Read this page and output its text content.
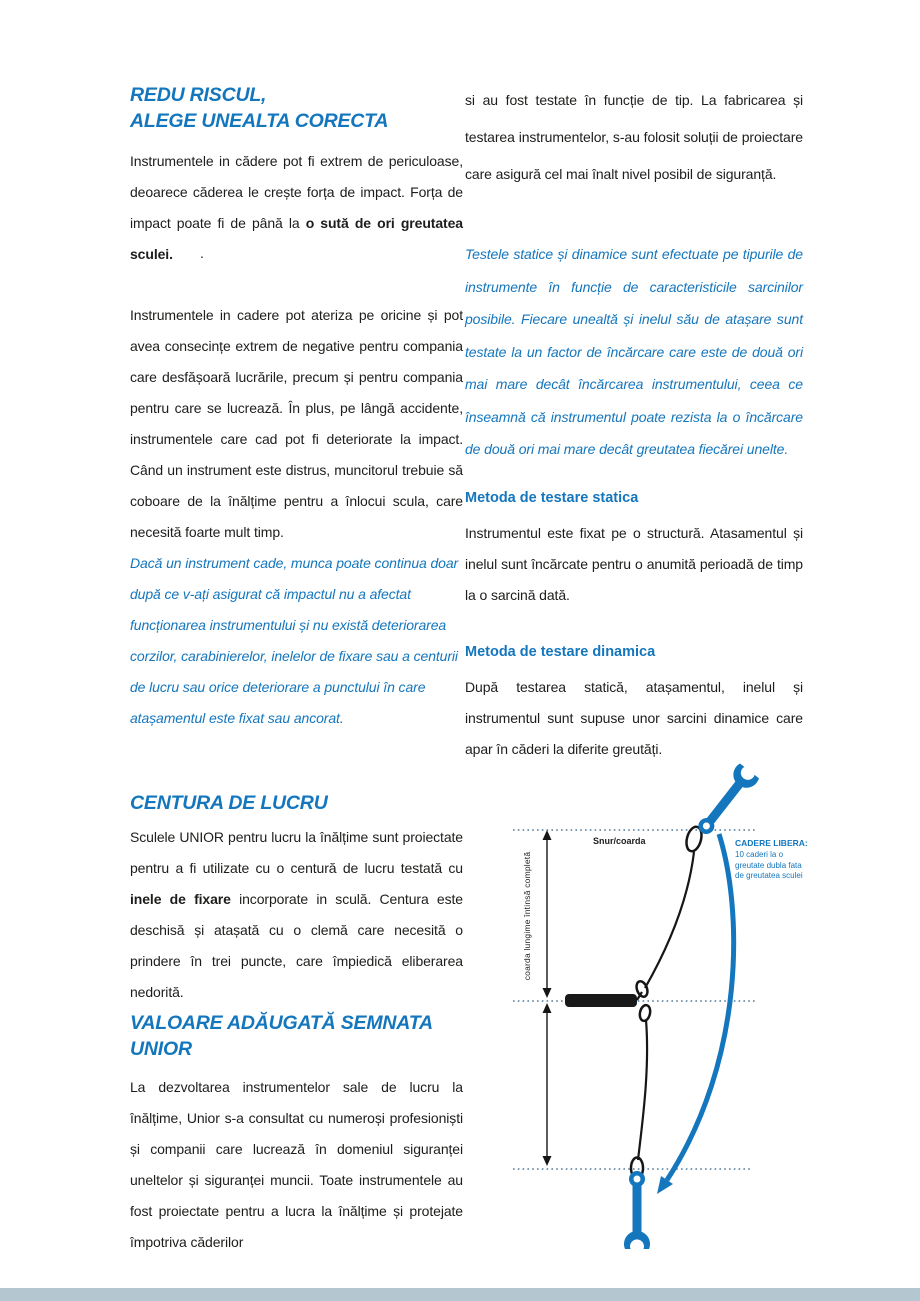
REDU RISCUL,
ALEGE UNEALTA CORECTA
Instrumentele in cădere pot fi extrem de periculoase, deoarece căderea le crește forța de impact. Forța de impact poate fi de până la o sută de ori greutatea sculei.	.
Instrumentele in cadere pot ateriza pe oricine și pot avea consecințe extrem de negative pentru compania care desfășoară lucrările, precum și pentru compania pentru care se lucrează. În plus, pe lângă accidente, instrumentele care cad pot fi deteriorate la impact. Când un instrument este distrus, muncitorul trebuie să coboare de la înălțime pentru a înlocui scula, care necesită foarte mult timp.
Dacă un instrument cade, munca poate continua doar după ce v-ați asigurat că impactul nu a afectat funcționarea instrumentului și nu există deteriorarea corzilor, carabinierelor, inelelor de fixare sau a centurii de lucru sau orice deteriorare a punctului în care atașamentul este fixat sau ancorat.
CENTURA DE LUCRU
Sculele UNIOR pentru lucru la înălțime sunt proiectate pentru a fi utilizate cu o centură de lucru testată cu inele de fixare incorporate in sculă. Centura este deschisă și atașată cu o clemă care necesită o prindere în trei puncte, care împiedică eliberarea nedorită.
VALOARE ADĂUGATĂ SEMNATA
UNIOR
La dezvoltarea instrumentelor sale de lucru la înălțime, Unior s-a consultat cu numeroși profesioniști și companii care lucrează în domeniul siguranței uneltelor și siguranței muncii. Toate instrumentele au fost proiectate pentru a lucra la înălțime și protejate împotriva căderilor
si au fost testate în funcție de tip. La fabricarea și testarea instrumentelor, s-au folosit soluții de proiectare care asigură cel mai înalt nivel posibil de siguranță.
Testele statice și dinamice sunt efectuate pe tipurile de instrumente în funcție de caracteristicile sarcinilor posibile. Fiecare unealtă și inelul său de atașare sunt testate la un factor de încărcare care este de două ori mai mare decât încărcarea instrumentului, ceea ce înseamnă că instrumentul poate rezista la o încărcare de două ori mai mare decât greutatea fiecărei unelte.
Metoda de testare statica
Instrumentul este fixat pe o structură. Atasamentul și inelul sunt încărcate pentru o anumită perioadă de timp la o sarcină dată.
Metoda de testare dinamica
După testarea statică, atașamentul, inelul și instrumentul sunt supuse unor sarcini dinamice care apar în căderi la diferite greutăți.
Snur/coarda
coarda lungime întinsă completă
CADERE LIBERA:
10 caderi la o greutate dubla fata de greutatea sculei
